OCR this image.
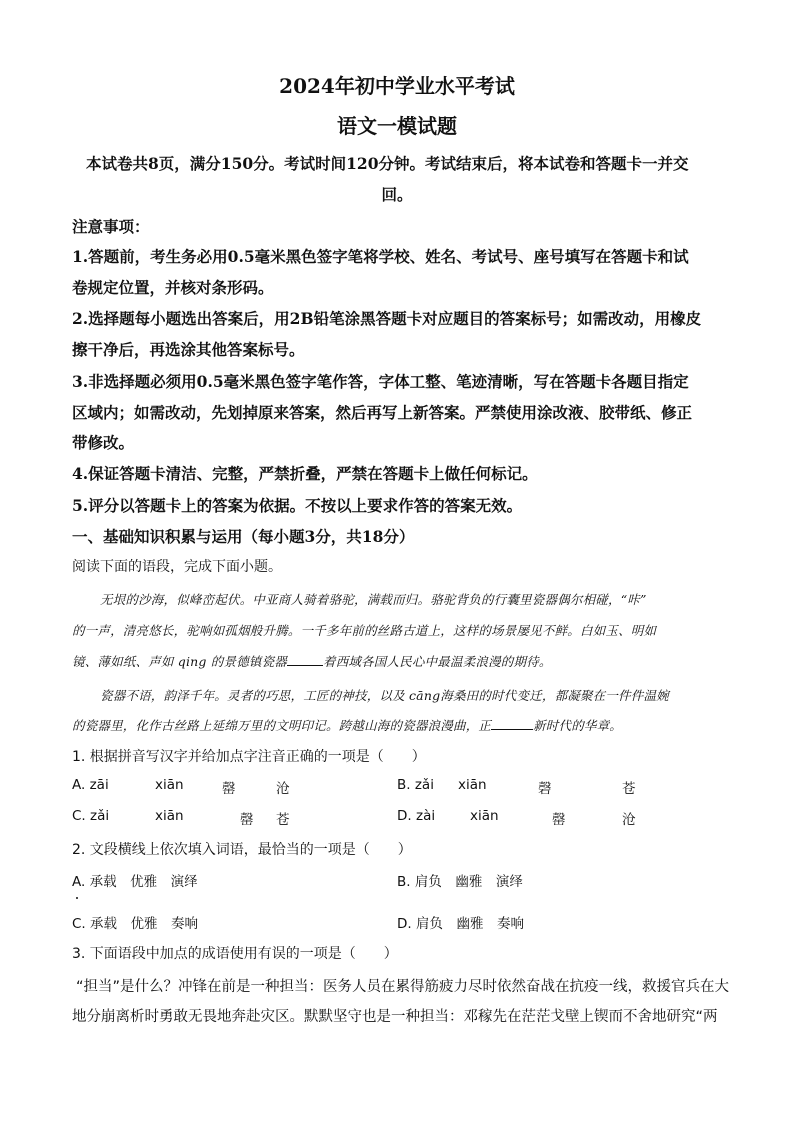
2024年初中学业水平考试
语文一模试题
本试卷共8页，满分150分。考试时间120分钟。考试结束后，将本试卷和答题卡一并交
回。
注意事项：
1.答题前，考生务必用0.5毫米黑色签字笔将学校、姓名、考试号、座号填写在答题卡和试
卷规定位置，并核对条形码。
2.选择题每小题选出答案后，用2B铅笔涂黑答题卡对应题目的答案标号；如需改动，用橡皮
擦干净后，再选涂其他答案标号。
3.非选择题必须用0.5毫米黑色签字笔作答，字体工整、笔迹清晰，写在答题卡各题目指定
区域内；如需改动，先划掉原来答案，然后再写上新答案。严禁使用涂改液、胶带纸、修正
带修改。
4.保证答题卡清洁、完整，严禁折叠，严禁在答题卡上做任何标记。
5.评分以答题卡上的答案为依据。不按以上要求作答的答案无效。
一、基础知识积累与运用（每小题3分，共18分）
阅读下面的语段，完成下面小题。
无垠的沙海，似峰峦起伏。中亚商人骑着骆驼，满载而归。骆驼背负的行囊里瓷器偶尔相碰，“咔”
的一声，清亮悠长，驼响如孤烟般升腾。一千多年前的丝路古道上，这样的场景屡见不鲜。白如玉、明如
镜、薄如纸、声如 qing 的景德镇瓷器	着西域各国人民心中最温柔浪漫的期待。
瓷器不语，韵泽千年。灵者的巧思，工匠的神技，以及 cāng海桑田的时代变迁，都凝聚在一件件温婉
的瓷器里，化作古丝路上延绵万里的文明印记。跨越山海的瓷器浪漫曲，正	新时代的华章。
1. 根据拼音写汉字并给加点字注音正确的一项是（　　）
A. zāi	xiān	罄	沧	B. zǎi xiān	磬	苍
C. zǎi	xiān	罄 苍	D. zài	xiān	罄	沧
2. 文段横线上依次填入词语，最恰当的一项是（　　）
A. 承载　优雅　演绎	B. 肩负　幽雅　演绎
C. 承载　优雅　奏响	D. 肩负　幽雅　奏响
3. 下面语段中加点的成语使用有误的一项是（　　）
“担当”是什么？冲锋在前是一种担当：医务人员在累得筋疲力尽时依然奋战在抗疫一线，救援官兵在大
地分崩离析时勇敢无畏地奔赴灾区。默默坚守也是一种担当：邓稼先在茫茫戈壁上锲而不舍地研究“两
